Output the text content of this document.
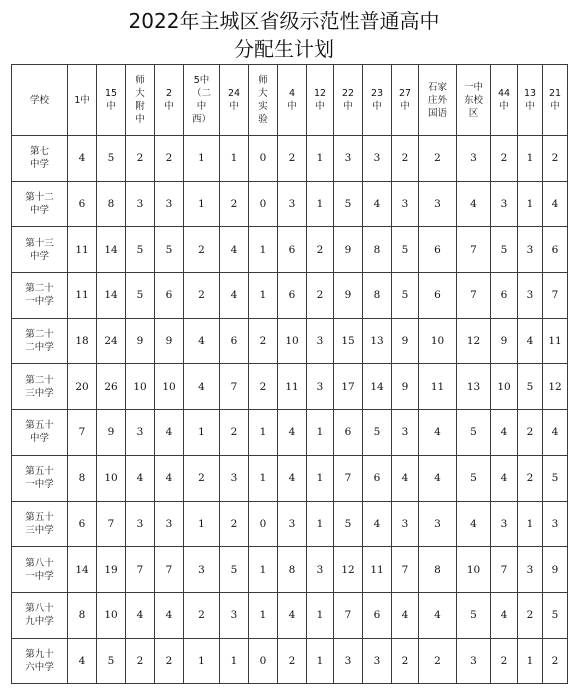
2022年主城区省级示范性普通高中
分配生计划
学校	1中	15
中	师
大
附
中	2
中	5中
（二
中
西）	24
中	师
大
实
验	4
中	12
中	22
中	23
中	27
中	石家
庄外
国语	一中
东校
区	44
中	13
中	21
中
第七
中学	4	5	2	2	1	1	0	2	1	3	3	2	2	3	2	1	2
第十二
中学	6	8	3	3	1	2	0	3	1	5	4	3	3	4	3	1	4
第十三
中学	11	14	5	5	2	4	1	6	2	9	8	5	6	7	5	3	6
第二十
一中学	11	14	5	6	2	4	1	6	2	9	8	5	6	7	6	3	7
第二十
二中学	18	24	9	9	4	6	2	10	3	15	13	9	10	12	9	4	11
第二十
三中学	20	26	10	10	4	7	2	11	3	17	14	9	11	13	10	5	12
第五十
中学	7	9	3	4	1	2	1	4	1	6	5	3	4	5	4	2	4
第五十
一中学	8	10	4	4	2	3	1	4	1	7	6	4	4	5	4	2	5
第五十
三中学	6	7	3	3	1	2	0	3	1	5	4	3	3	4	3	1	3
第八十
一中学	14	19	7	7	3	5	1	8	3	12	11	7	8	10	7	3	9
第八十
九中学	8	10	4	4	2	3	1	4	1	7	6	4	4	5	4	2	5
第九十
六中学	4	5	2	2	1	1	0	2	1	3	3	2	2	3	2	1	2
